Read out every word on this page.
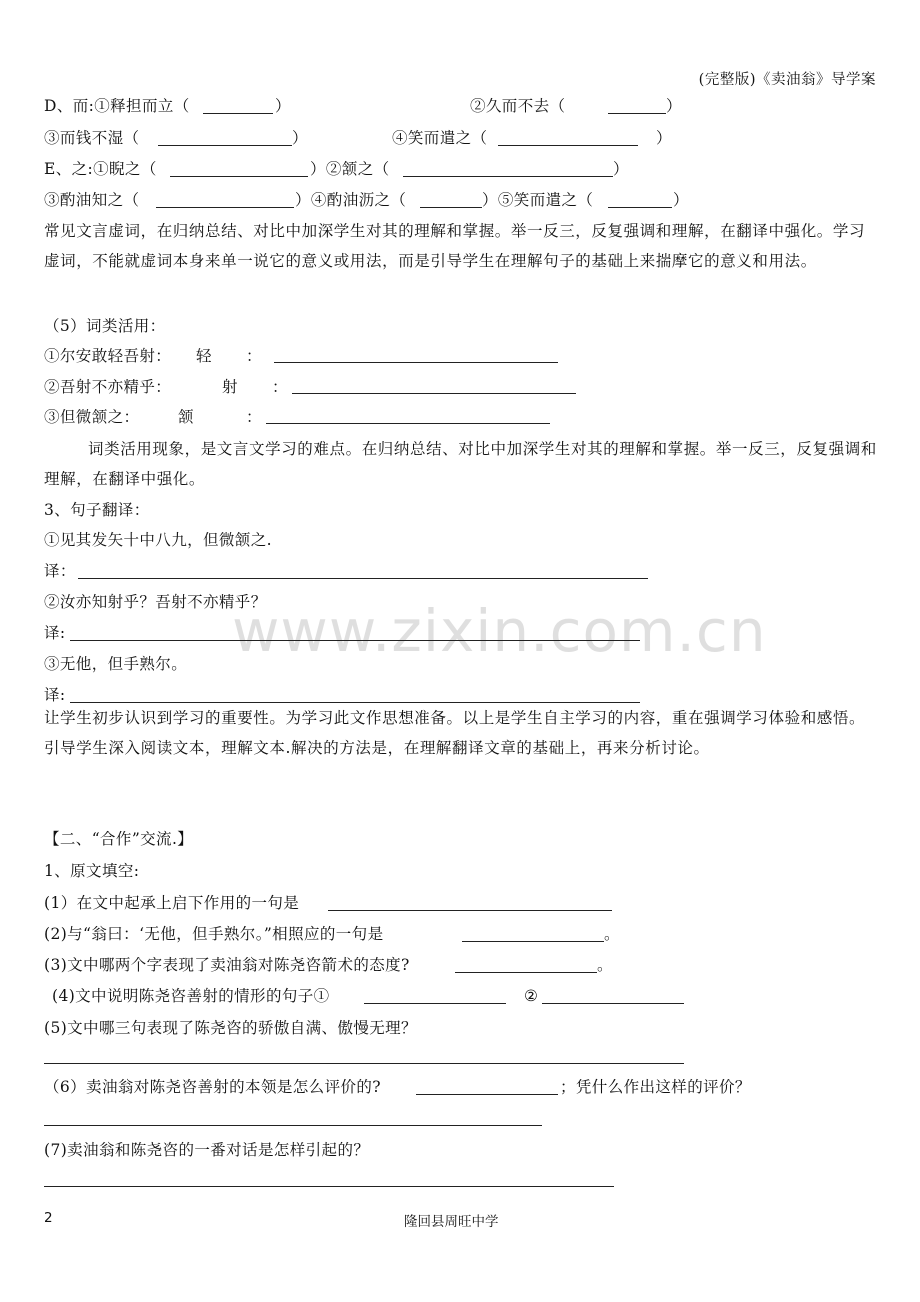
(完整版)《卖油翁》导学案
www.zixin.com.cn
D、而:①释担而立（	）	②久而不去（	）
③而钱不湿（	）	④笑而遣之（	）
E、之:①睨之（	）②颔之（	）
③酌油知之（	）④酌油沥之（	）⑤笑而遣之（	）
常见文言虚词，在归纳总结、对比中加深学生对其的理解和掌握。举一反三，反复强调和理解，在翻译中强化。学习虚词，不能就虚词本身来单一说它的意义或用法，而是引导学生在理解句子的基础上来揣摩它的意义和用法。
（5）词类活用：
①尔安敢轻吾射： 轻 ：
②吾射不亦精乎：	射 ：
③但微颔之： 颔	：
词类活用现象，是文言文学习的难点。在归纳总结、对比中加深学生对其的理解和掌握。举一反三，反复强调和理解，在翻译中强化。
3、句子翻译：
①见其发矢十中八九，但微颔之.
译：
②汝亦知射乎？吾射不亦精乎？
译:
③无他，但手熟尔。
译:
让学生初步认识到学习的重要性。为学习此文作思想准备。以上是学生自主学习的内容，重在强调学习体验和感悟。引导学生深入阅读文本，理解文本.解决的方法是，在理解翻译文章的基础上，再来分析讨论。
【二、“合作”交流.】
1、原文填空:
(1）在文中起承上启下作用的一句是
(2)与“翁曰：‘无他，但手熟尔。”相照应的一句是	。
(3)文中哪两个字表现了卖油翁对陈尧咨箭术的态度?	。
(4)文中说明陈尧咨善射的情形的句子①	②
(5)文中哪三句表现了陈尧咨的骄傲自满、傲慢无理？
（6）卖油翁对陈尧咨善射的本领是怎么评价的?	；凭什么作出这样的评价？
(7)卖油翁和陈尧咨的一番对话是怎样引起的？
2	隆回县周旺中学
